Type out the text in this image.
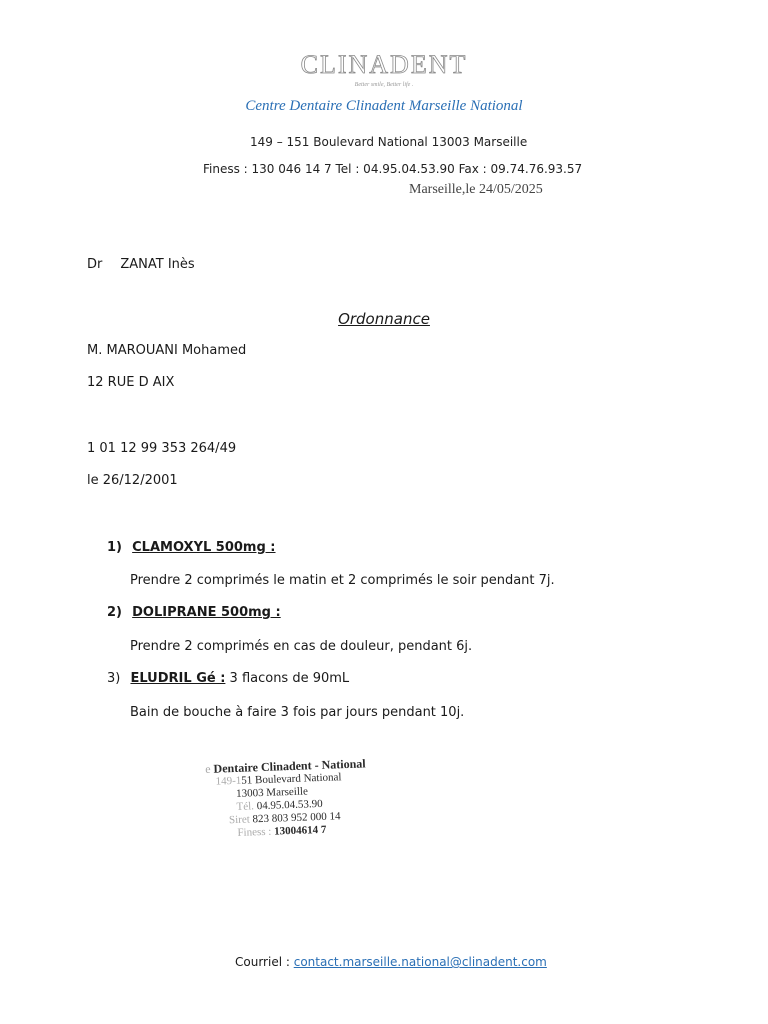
CLINADENT
Better smile, Better life .
Centre Dentaire Clinadent Marseille National
149 – 151 Boulevard National 13003 Marseille
Finess : 130 046 14 7 Tel : 04.95.04.53.90 Fax : 09.74.76.93.57
Marseille,le 24/05/2025
Dr ZANAT Inès
Ordonnance
M. MAROUANI Mohamed
12 RUE D AIX
1 01 12 99 353 264/49
le 26/12/2001
1) CLAMOXYL 500mg :
Prendre 2 comprimés le matin et 2 comprimés le soir pendant 7j.
2) DOLIPRANE 500mg :
Prendre 2 comprimés en cas de douleur, pendant 6j.
3) ELUDRIL Gé : 3 flacons de 90mL
Bain de bouche à faire 3 fois par jours pendant 10j.
e Dentaire Clinadent - National
149-151 Boulevard National
13003 Marseille
Tél. 04.95.04.53.90
Siret 823 803 952 000 14
Finess : 13004614 7
Courriel : contact.marseille.national@clinadent.com
